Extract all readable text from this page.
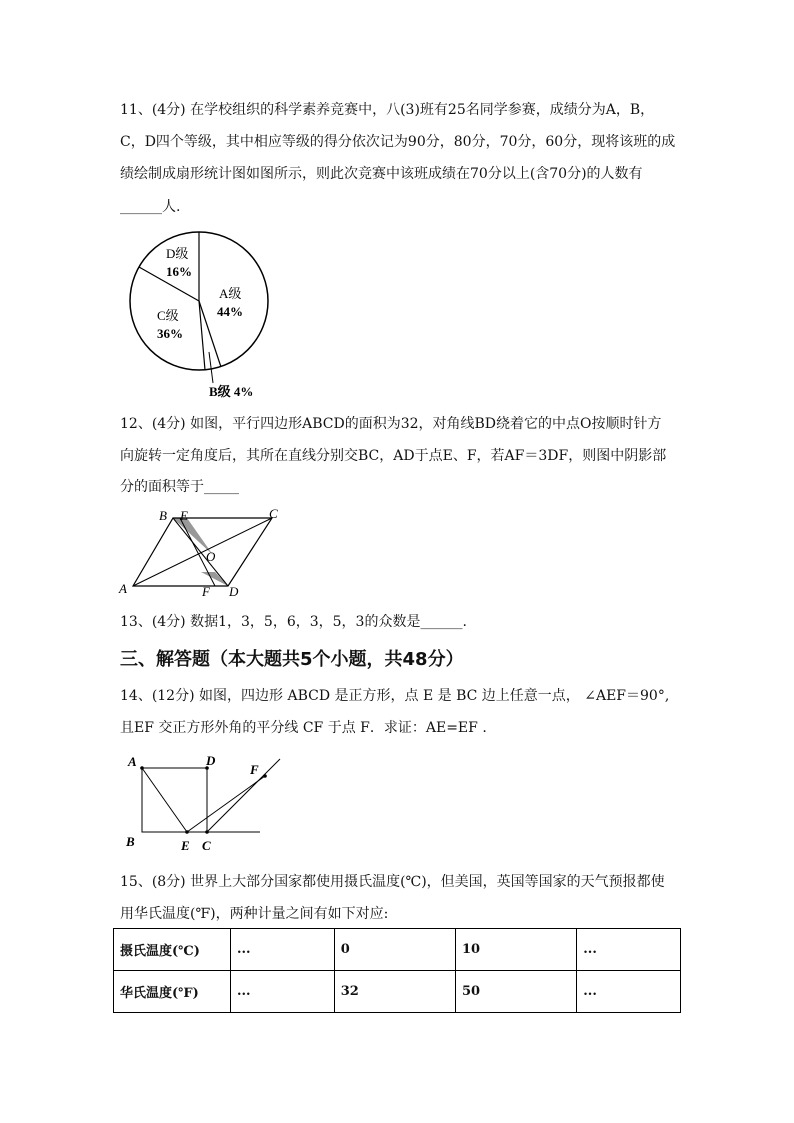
11、(4分) 在学校组织的科学素养竞赛中，八(3)班有25名同学参赛，成绩分为A，B，
C，D四个等级，其中相应等级的得分依次记为90分，80分，70分，60分，现将该班的成
绩绘制成扇形统计图如图所示，则此次竞赛中该班成绩在70分以上(含70分)的人数有
______人.
A级
44%
D级
16%
C级
36%
B级 4%
12、(4分) 如图，平行四边形ABCD的面积为32，对角线BD绕着它的中点O按顺时针方
向旋转一定角度后，其所在直线分别交BC，AD于点E、F，若AF＝3DF，则图中阴影部
分的面积等于_____
B E	C
O
A	F D
13、(4分) 数据1，3，5，6，3，5，3的众数是______.
三、解答题（本大题共5个小题，共48分）
14、(12分) 如图，四边形 ABCD 是正方形，点 E 是 BC 边上任意一点， ∠AEF＝90°,
且EF 交正方形外角的平分线 CF 于点 F．求证：AE=EF .
A	D
F
B	E C
15、(8分) 世界上大部分国家都使用摄氏温度(℃)，但美国，英国等国家的天气预报都使
用华氏温度(℉)，两种计量之间有如下对应:
摄氏温度(℃)	...	0	10	...
华氏温度(℉)	...	32	50	...
